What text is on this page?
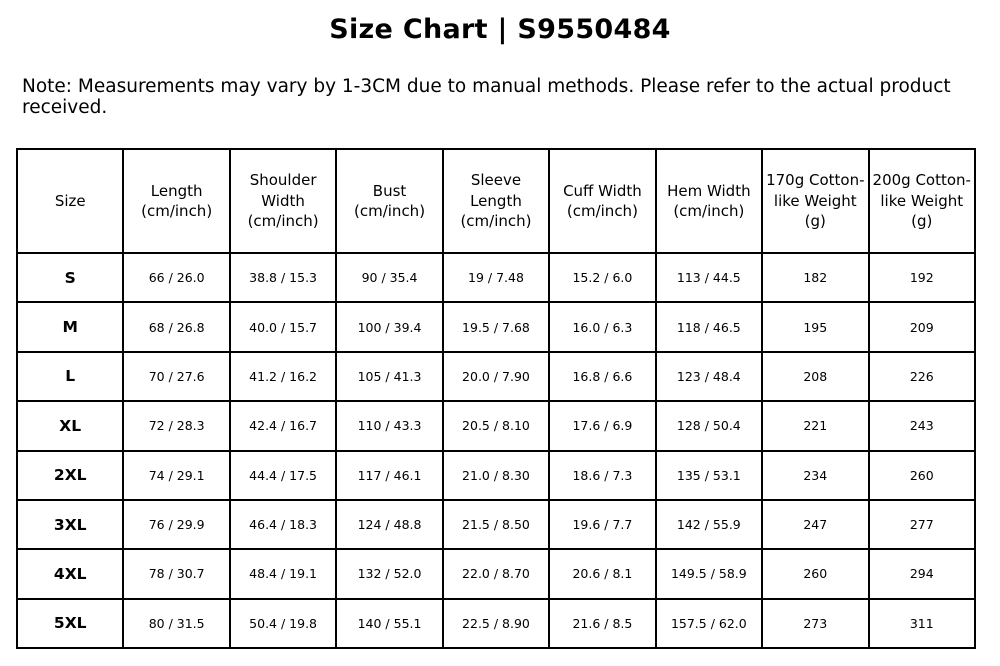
Size Chart | S9550484
Note: Measurements may vary by 1-3CM due to manual methods. Please refer to the actual product received.
Size	Length (cm/inch)	Shoulder Width (cm/inch)	Bust (cm/inch)	Sleeve Length (cm/inch)	Cuff Width (cm/inch)	Hem Width (cm/inch)	170g Cotton-like Weight (g)	200g Cotton-like Weight (g)
S	66 / 26.0	38.8 / 15.3	90 / 35.4	19 / 7.48	15.2 / 6.0	113 / 44.5	182	192
M	68 / 26.8	40.0 / 15.7	100 / 39.4	19.5 / 7.68	16.0 / 6.3	118 / 46.5	195	209
L	70 / 27.6	41.2 / 16.2	105 / 41.3	20.0 / 7.90	16.8 / 6.6	123 / 48.4	208	226
XL	72 / 28.3	42.4 / 16.7	110 / 43.3	20.5 / 8.10	17.6 / 6.9	128 / 50.4	221	243
2XL	74 / 29.1	44.4 / 17.5	117 / 46.1	21.0 / 8.30	18.6 / 7.3	135 / 53.1	234	260
3XL	76 / 29.9	46.4 / 18.3	124 / 48.8	21.5 / 8.50	19.6 / 7.7	142 / 55.9	247	277
4XL	78 / 30.7	48.4 / 19.1	132 / 52.0	22.0 / 8.70	20.6 / 8.1	149.5 / 58.9	260	294
5XL	80 / 31.5	50.4 / 19.8	140 / 55.1	22.5 / 8.90	21.6 / 8.5	157.5 / 62.0	273	311
